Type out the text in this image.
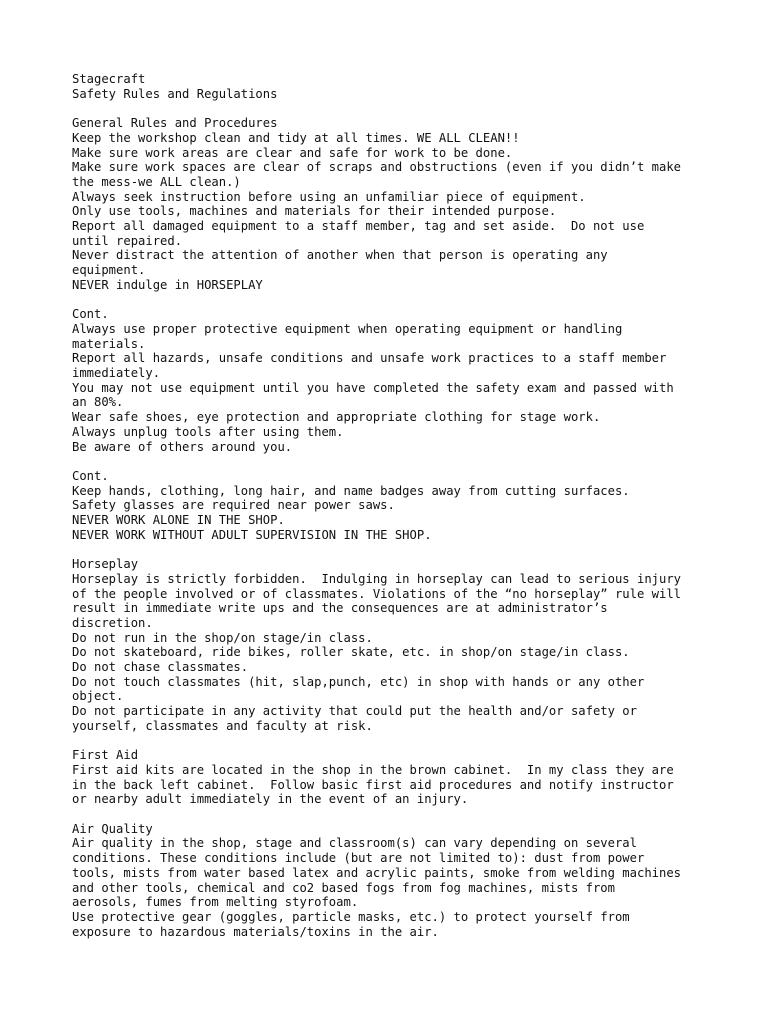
Stagecraft
Safety Rules and Regulations
General Rules and Procedures
Keep the workshop clean and tidy at all times. WE ALL CLEAN!!
Make sure work areas are clear and safe for work to be done.
Make sure work spaces are clear of scraps and obstructions (even if you didn’t make
the mess-we ALL clean.)
Always seek instruction before using an unfamiliar piece of equipment.
Only use tools, machines and materials for their intended purpose.
Report all damaged equipment to a staff member, tag and set aside.  Do not use
until repaired.
Never distract the attention of another when that person is operating any
equipment.
NEVER indulge in HORSEPLAY
Cont.
Always use proper protective equipment when operating equipment or handling
materials.
Report all hazards, unsafe conditions and unsafe work practices to a staff member
immediately.
You may not use equipment until you have completed the safety exam and passed with
an 80%.
Wear safe shoes, eye protection and appropriate clothing for stage work.
Always unplug tools after using them.
Be aware of others around you.
Cont.
Keep hands, clothing, long hair, and name badges away from cutting surfaces.
Safety glasses are required near power saws.
NEVER WORK ALONE IN THE SHOP.
NEVER WORK WITHOUT ADULT SUPERVISION IN THE SHOP.
Horseplay
Horseplay is strictly forbidden.  Indulging in horseplay can lead to serious injury
of the people involved or of classmates. Violations of the “no horseplay” rule will
result in immediate write ups and the consequences are at administrator’s
discretion.
Do not run in the shop/on stage/in class.
Do not skateboard, ride bikes, roller skate, etc. in shop/on stage/in class.
Do not chase classmates.
Do not touch classmates (hit, slap,punch, etc) in shop with hands or any other
object.
Do not participate in any activity that could put the health and/or safety or
yourself, classmates and faculty at risk.
First Aid
First aid kits are located in the shop in the brown cabinet.  In my class they are
in the back left cabinet.  Follow basic first aid procedures and notify instructor
or nearby adult immediately in the event of an injury.
Air Quality
Air quality in the shop, stage and classroom(s) can vary depending on several
conditions. These conditions include (but are not limited to): dust from power
tools, mists from water based latex and acrylic paints, smoke from welding machines
and other tools, chemical and co2 based fogs from fog machines, mists from
aerosols, fumes from melting styrofoam.
Use protective gear (goggles, particle masks, etc.) to protect yourself from
exposure to hazardous materials/toxins in the air.
